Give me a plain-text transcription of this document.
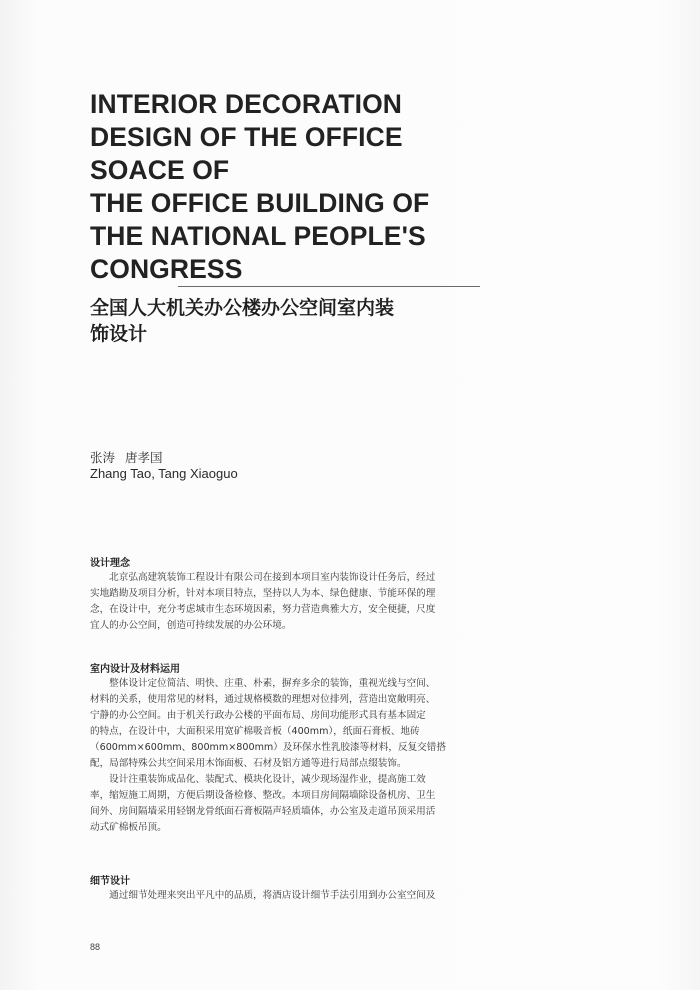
INTERIOR DECORATION
DESIGN OF THE OFFICE
SOACE OF
THE OFFICE BUILDING OF
THE NATIONAL PEOPLE'S
CONGRESS
全国人大机关办公楼办公空间室内装
饰设计
张涛 唐孝国
Zhang Tao, Tang Xiaoguo
设计理念
　　北京弘高建筑装饰工程设计有限公司在接到本项目室内装饰设计任务后，经过
实地踏勘及项目分析，针对本项目特点，坚持以人为本、绿色健康、节能环保的理
念，在设计中，充分考虑城市生态环境因素，努力营造典雅大方，安全便捷，尺度
宜人的办公空间，创造可持续发展的办公环境。
室内设计及材料运用
　　整体设计定位简洁、明快、庄重、朴素，摒弃多余的装饰，重视光线与空间、
材料的关系，使用常见的材料，通过规格模数的理想对位排列，营造出宽敞明亮、
宁静的办公空间。由于机关行政办公楼的平面布局、房间功能形式具有基本固定
的特点，在设计中，大面积采用宽矿棉吸音板（400mm），纸面石膏板、地砖
（600mm×600mm、800mm×800mm）及环保水性乳胶漆等材料，反复交错搭
配，局部特殊公共空间采用木饰面板、石材及铝方通等进行局部点缀装饰。
　　设计注重装饰成品化、装配式、模块化设计，减少现场湿作业，提高施工效
率，缩短施工周期，方便后期设备检修、整改。本项目房间隔墙除设备机房、卫生
间外、房间隔墙采用轻钢龙骨纸面石膏板隔声轻质墙体，办公室及走道吊顶采用活
动式矿棉板吊顶。
细节设计
　　通过细节处理来突出平凡中的品质，将酒店设计细节手法引用到办公室空间及
88
